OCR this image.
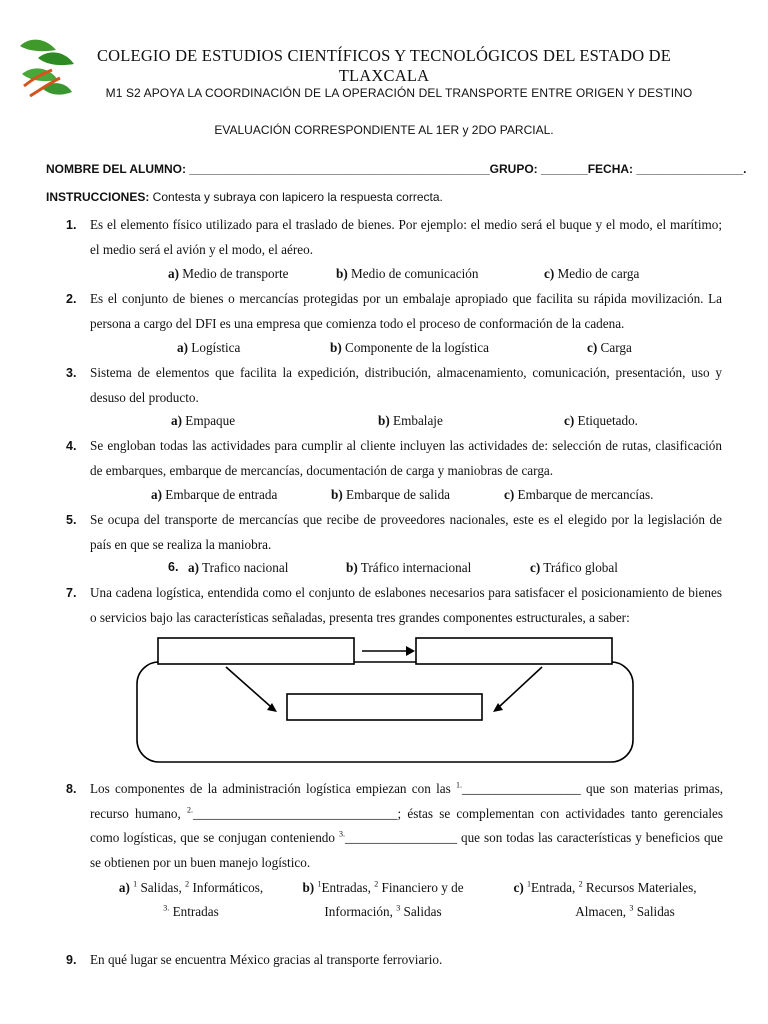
COLEGIO DE ESTUDIOS CIENTÍFICOS Y TECNOLÓGICOS DEL ESTADO DE TLAXCALA
M1 S2 APOYA LA COORDINACIÓN DE LA OPERACIÓN DEL TRANSPORTE ENTRE ORIGEN Y DESTINO
EVALUACIÓN CORRESPONDIENTE AL 1ER y 2DO PARCIAL.
NOMBRE DEL ALUMNO: _____________________________________________GRUPO: _______FECHA: ________________.
INSTRUCCIONES: Contesta y subraya con lapicero la respuesta correcta.
1. Es el elemento físico utilizado para el traslado de bienes. Por ejemplo: el medio será el buque y el modo, el marítimo; el medio será el avión y el modo, el aéreo.
a) Medio de transporte	b) Medio de comunicación	c) Medio de carga
2. Es el conjunto de bienes o mercancías protegidas por un embalaje apropiado que facilita su rápida movilización. La persona a cargo del DFI es una empresa que comienza todo el proceso de conformación de la cadena.
a) Logística	b) Componente de la logística	c) Carga
3. Sistema de elementos que facilita la expedición, distribución, almacenamiento, comunicación, presentación, uso y desuso del producto.
a) Empaque	b) Embalaje	c) Etiquetado.
4. Se engloban todas las actividades para cumplir al cliente incluyen las actividades de: selección de rutas, clasificación de embarques, embarque de mercancías, documentación de carga y maniobras de carga.
a) Embarque de entrada	b) Embarque de salida	c) Embarque de mercancías.
5. Se ocupa del transporte de mercancías que recibe de proveedores nacionales, este es el elegido por la legislación de país en que se realiza la maniobra.
6. a) Trafico nacional	b) Tráfico internacional	c) Tráfico global
7. Una cadena logística, entendida como el conjunto de eslabones necesarios para satisfacer el posicionamiento de bienes o servicios bajo las características señaladas, presenta tres grandes componentes estructurales, a saber:
8. Los componentes de la administración logística empiezan con las $^{1.}$__________________ que son materias primas, recurso humano, $^{2.}$_______________________________; éstas se complementan con actividades tanto gerenciales como logísticas, que se conjugan conteniendo $^{3.}$_________________ que son todas las características y beneficios que se obtienen por un buen manejo logístico.
a) $^1$ Salidas, $^2$ Informáticos,
$^{3.}$ Entradas
b) $^1$Entradas, $^2$ Financiero y de
Información, $^3$ Salidas
c) $^1$Entrada, $^2$ Recursos Materiales,
Almacen, $^3$ Salidas
9. En qué lugar se encuentra México gracias al transporte ferroviario.
